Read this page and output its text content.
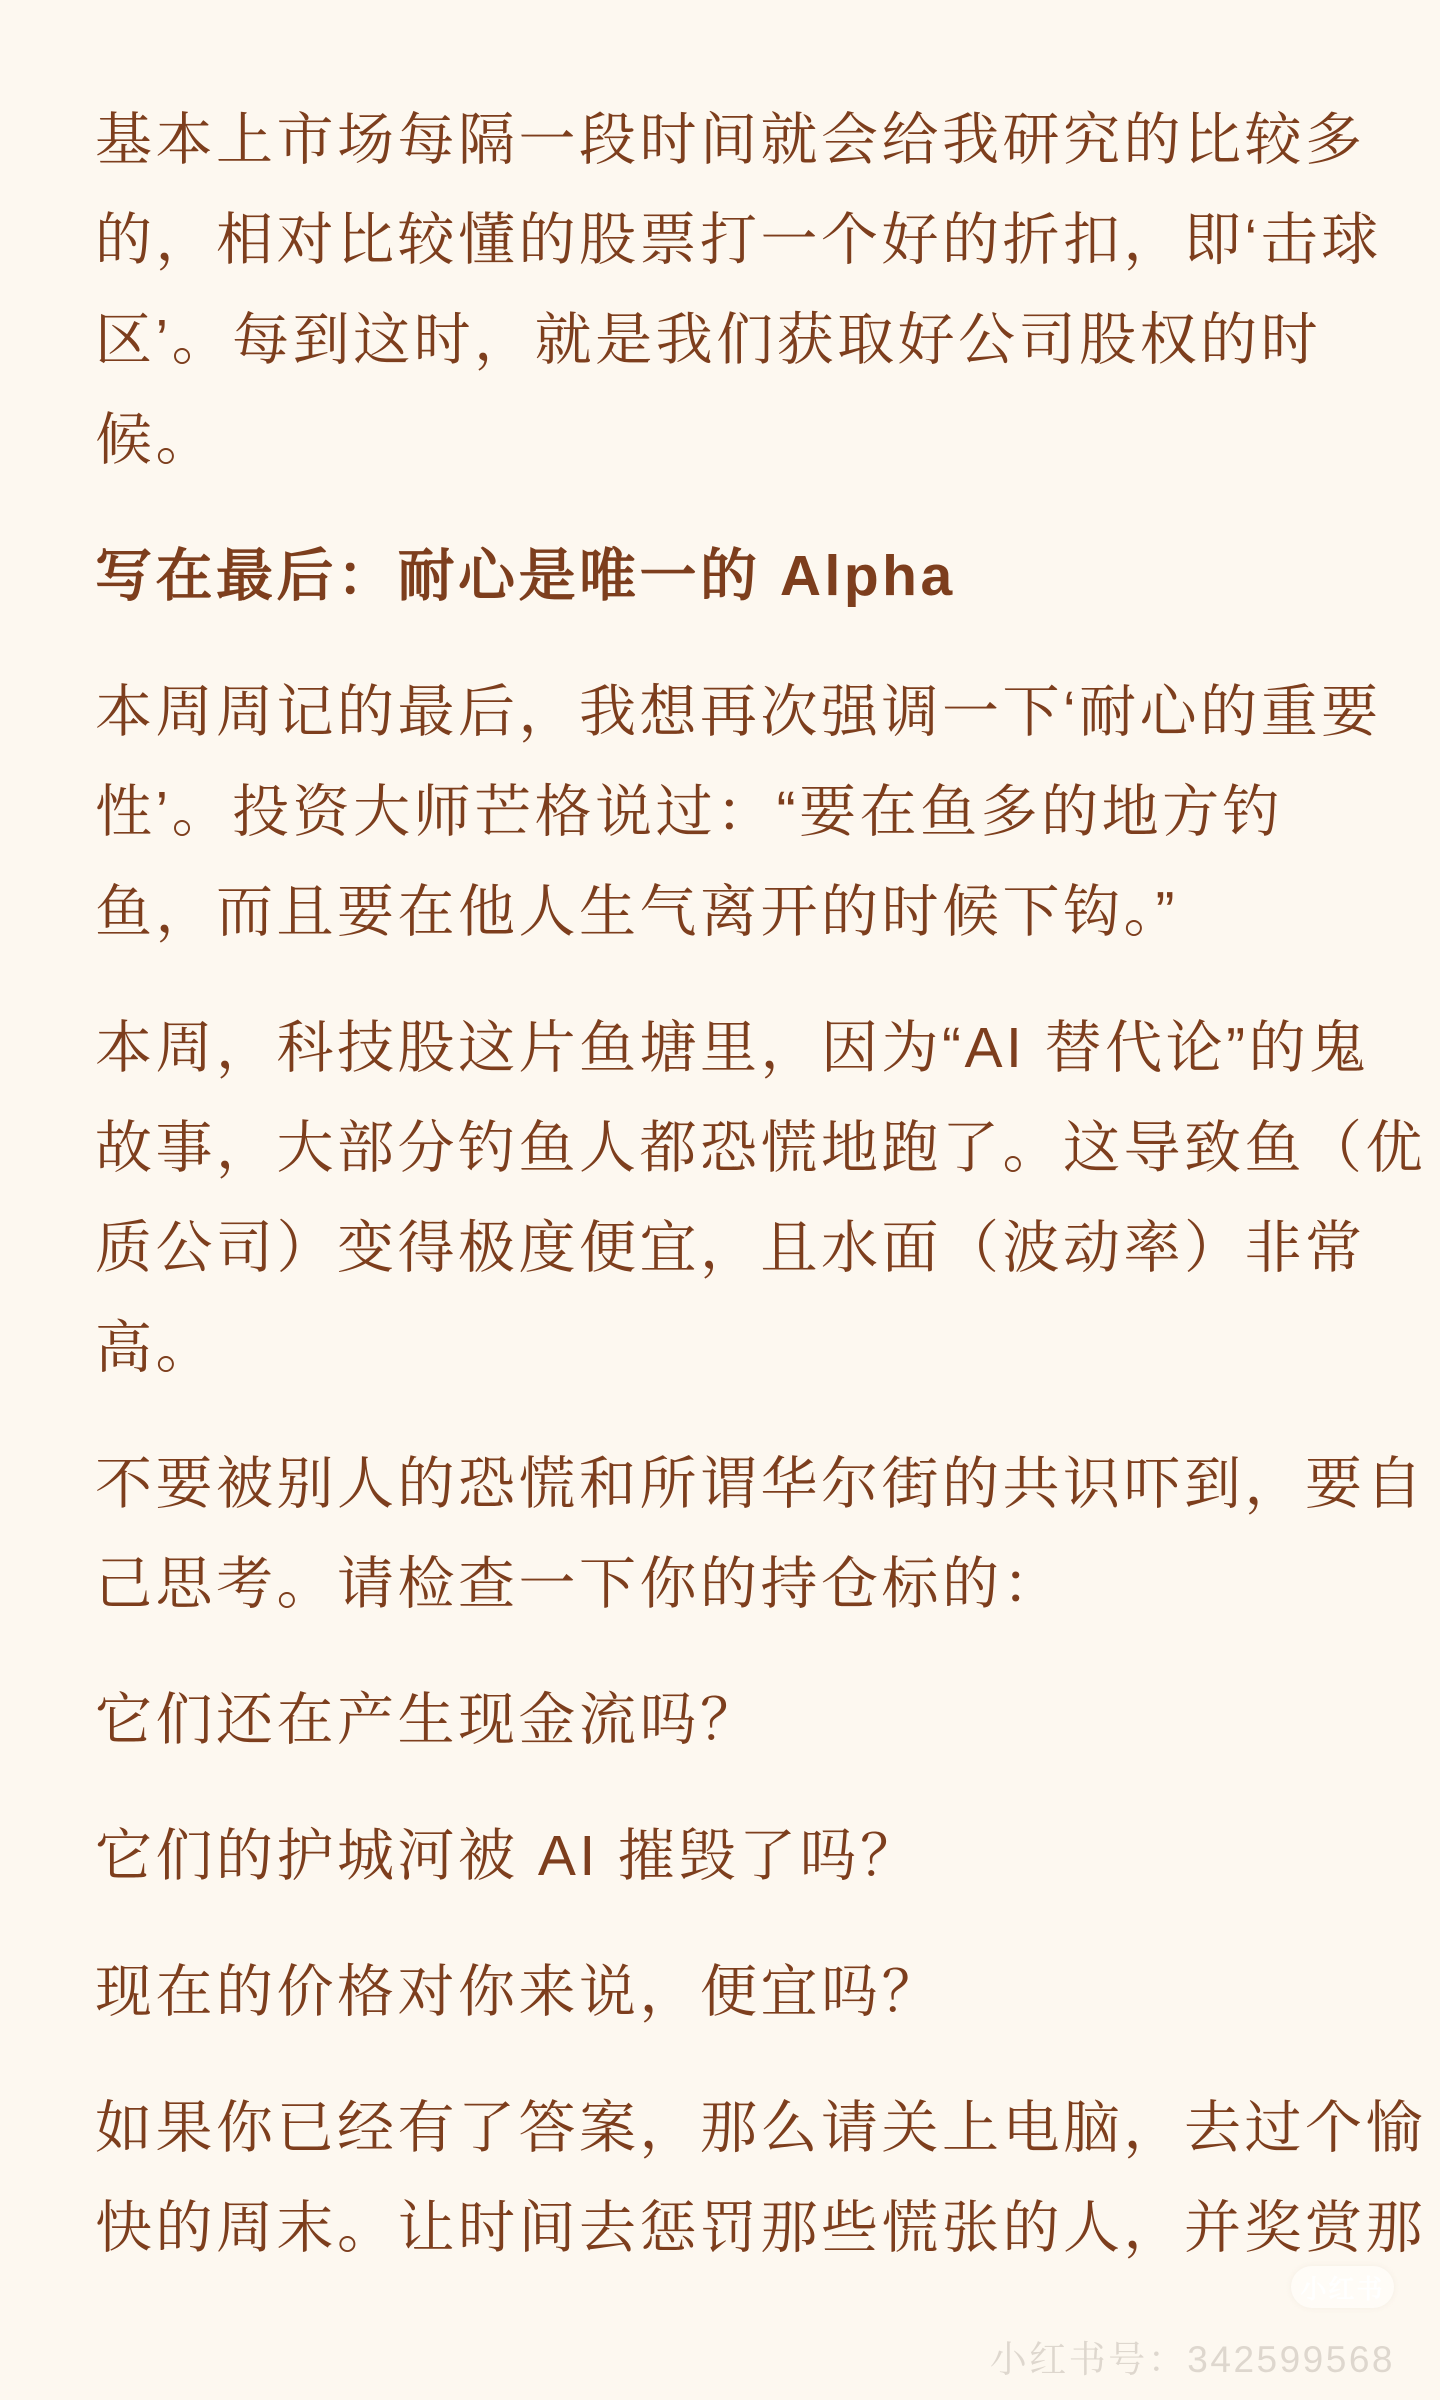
基本上市场每隔一段时间就会给我研究的比较多
的，相对比较懂的股票打一个好的折扣，即‘击球
区’。每到这时，就是我们获取好公司股权的时
候。

写在最后：耐心是唯一的 Alpha

本周周记的最后，我想再次强调一下‘耐心的重要
性’。投资大师芒格说过：“要在鱼多的地方钓
鱼，而且要在他人生气离开的时候下钩。”

本周，科技股这片鱼塘里，因为“AI 替代论”的鬼
故事，大部分钓鱼人都恐慌地跑了。这导致鱼（优
质公司）变得极度便宜，且水面（波动率）非常
高。

不要被别人的恐慌和所谓华尔街的共识吓到，要自
己思考。请检查一下你的持仓标的：

它们还在产生现金流吗？

它们的护城河被 AI 摧毁了吗？

现在的价格对你来说，便宜吗？

如果你已经有了答案，那么请关上电脑，去过个愉
快的周末。让时间去惩罚那些慌张的人，并奖赏那

小红书
小红书号：342599568
